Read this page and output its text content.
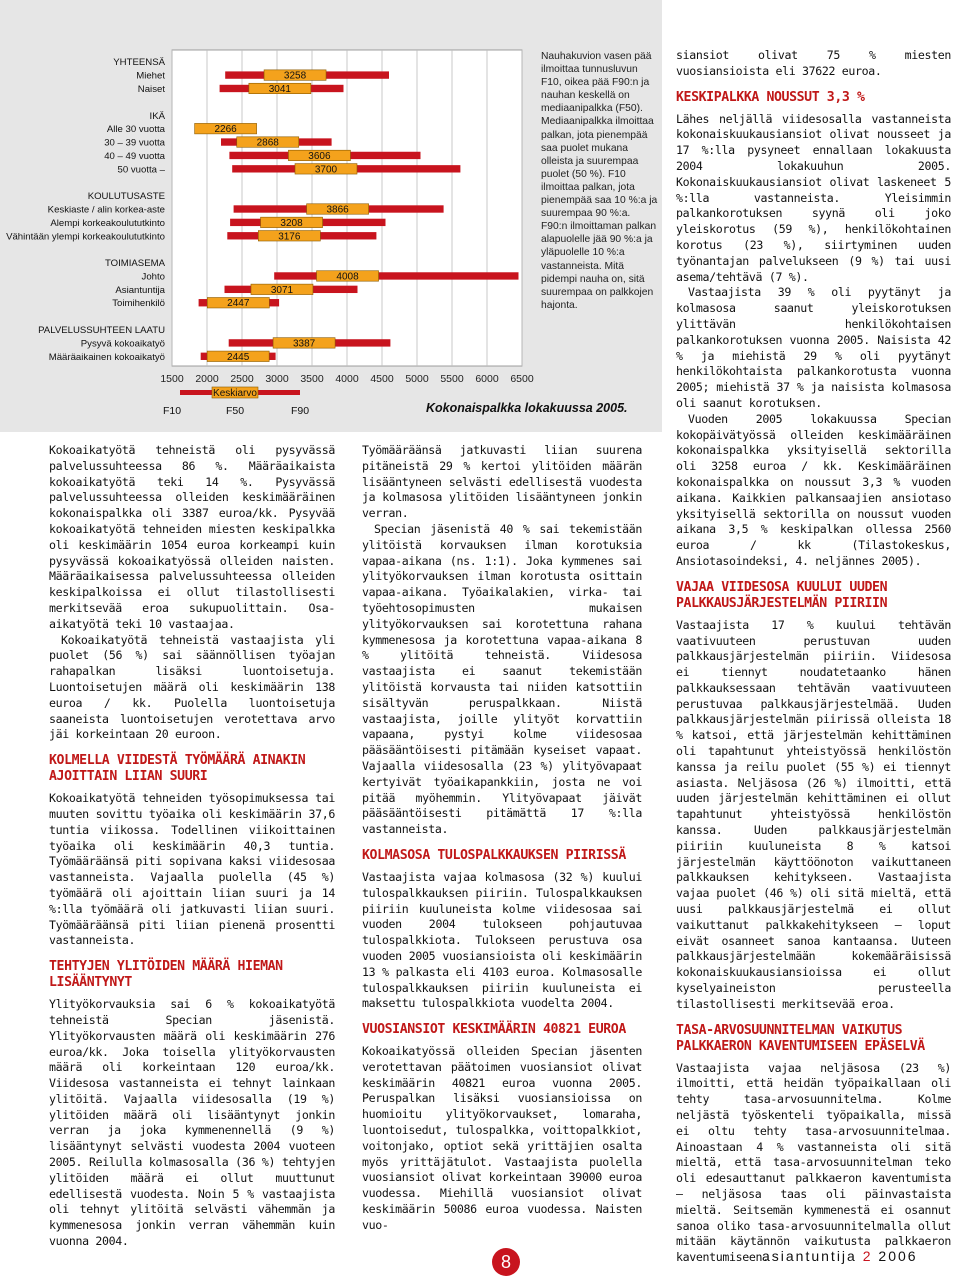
1500 2000 2500 3000 3500 4000 4500 5000 5500 6000 6500
YHTEENSÄ
Miehet	3258
Naiset	3041
IKÄ
Alle 30 vuotta	2266
30 – 39 vuotta	2868
40 – 49 vuotta	3606
50 vuotta –	3700
KOULUTUSASTE
Keskiaste / alin korkea-aste	3866
Alempi korkeakoulututkinto	3208
Vähintään ylempi korkeakoulututkinto	3176
TOIMIASEMA
Johto	4008
Asiantuntija	3071
Toimihenkilö	2447
PALVELUSSUHTEEN LAATU
Pysyvä kokoaikatyö	3387
Määräaikainen kokoaikatyö	2445
Keskiarvo
F10	F50	F90
Nauhakuvion vasen pää ilmoittaa tunnusluvun F10, oikea pää F90:n ja nauhan keskellä on mediaanipalkka (F50). Mediaanipalkka ilmoittaa palkan, jota pienempää saa puolet mukana olleista ja suurempaa puolet (50 %). F10 ilmoittaa palkan, jota pienempää saa 10 %:a ja suurempaa 90 %:a. F90:n ilmoittaman palkan alapuolelle jää 90 %:a ja yläpuolelle 10 %:a vastanneista. Mitä pidempi nauha on, sitä suurempaa on palkkojen hajonta.
Kokonaispalkka lokakuussa 2005.

Kokoaikatyötä tehneistä oli pysyvässä palvelussuhteessa 86 %. Määräaikaista kokoaikatyötä teki 14 %. Pysyvässä palvelussuhteessa olleiden keskimääräinen kokonaispalkka oli 3387 euroa/kk. Pysyvää kokoaikatyötä tehneiden miesten keskipalkka oli keskimäärin 1054 euroa korkeampi kuin pysyvässä kokoaikatyössä olleiden naisten. Määräaikaisessa palvelussuhteessa olleiden keskipalkoissa ei ollut tilastollisesti merkitsevää eroa sukupuolittain. Osa-aikatyötä teki 10 vastaajaa.

Kokoaikatyötä tehneistä vastaajista yli puolet (56 %) sai säännöllisen työajan rahapalkan lisäksi luontoisetuja. Luontoisetujen määrä oli keskimäärin 138 euroa / kk. Puolella luontoisetuja saaneista luontoisetujen verotettava arvo jäi korkeintaan 20 euroon.

KOLMELLA VIIDESTÄ TYÖMÄÄRÄ AINAKIN AJOITTAIN LIIAN SUURI

Kokoaikatyötä tehneiden työsopimuksessa tai muuten sovittu työaika oli keskimäärin 37,6 tuntia viikossa. Todellinen viikoittainen työaika oli keskimäärin 40,3 tuntia. Työmääräänsä piti sopivana kaksi viidesosaa vastanneista. Vajaalla puolella (45 %) työmäärä oli ajoittain liian suuri ja 14 %:lla työmäärä oli jatkuvasti liian suuri. Työmääräänsä piti liian pienenä prosentti vastanneista.

TEHTYJEN YLITÖIDEN MÄÄRÄ HIEMAN LISÄÄNTYNYT

Ylityökorvauksia sai 6 % kokoaikatyötä tehneistä Specian jäsenistä. Ylityökorvausten määrä oli keskimäärin 276 euroa/kk. Joka toisella ylityökorvausten määrä oli korkeintaan 120 euroa/kk. Viidesosa vastanneista ei tehnyt lainkaan ylitöitä. Vajaalla viidesosalla (19 %) ylitöiden määrä oli lisääntynyt jonkin verran ja joka kymmenennellä (9 %) lisääntynyt selvästi vuodesta 2004 vuoteen 2005. Reilulla kolmasosalla (36 %) tehtyjen ylitöiden määrä ei ollut muuttunut edellisestä vuodesta. Noin 5 % vastaajista oli tehnyt ylitöitä selvästi vähemmän ja kymmenesosa jonkin verran vähemmän kuin vuonna 2004.

Työmääräänsä jatkuvasti liian suurena pitäneistä 29 % kertoi ylitöiden määrän lisääntyneen selvästi edellisestä vuodesta ja kolmasosa ylitöiden lisääntyneen jonkin verran.

Specian jäsenistä 40 % sai tekemistään ylitöistä korvauksen ilman korotuksia vapaa-aikana (ns. 1:1). Joka kymmenes sai ylityökorvauksen ilman korotusta osittain vapaa-aikana. Työaikalakien, virka- tai työehtosopimusten mukaisen ylityökorvauksen sai korotettuna rahana kymmenesosa ja korotettuna vapaa-aikana 8 % ylitöitä tehneistä. Viidesosa vastaajista ei saanut tekemistään ylitöistä korvausta tai niiden katsottiin sisältyvän peruspalkkaan. Niistä vastaajista, joille ylityöt korvattiin vapaana, pystyi kolme viidesosaa pääsääntöisesti pitämään kyseiset vapaat. Vajaalla viidesosalla (23 %) ylityövapaat kertyivät työaikapankkiin, josta ne voi pitää myöhemmin. Ylityövapaat jäivät pääsääntöisesti pitämättä 17 %:lla vastanneista.

KOLMASOSA TULOSPALKKAUKSEN PIIRISSÄ

Vastaajista vajaa kolmasosa (32 %) kuului tulospalkkauksen piiriin. Tulospalkkauksen piiriin kuuluneista kolme viidesosaa sai vuoden 2004 tulokseen pohjautuvaa tulospalkkiota. Tulokseen perustuva osa vuoden 2005 vuosiansioista oli keskimäärin 13 % palkasta eli 4103 euroa. Kolmasosalle tulospalkkauksen piiriin kuuluneista ei maksettu tulospalkkiota vuodelta 2004.

VUOSIANSIOT KESKIMÄÄRIN 40821 EUROA

Kokoaikatyössä olleiden Specian jäsenten verotettavan päätoimen vuosiansiot olivat keskimäärin 40821 euroa vuonna 2005. Peruspalkan lisäksi vuosiansioissa on huomioitu ylityökorvaukset, lomaraha, luontoisedut, tulospalkka, voittopalkkiot, voitonjako, optiot sekä yrittäjien osalta myös yrittäjätulot. Vastaajista puolella vuosiansiot olivat korkeintaan 39000 euroa vuodessa. Miehillä vuosiansiot olivat keskimäärin 50086 euroa vuodessa. Naisten vuo-

siansiot olivat 75 % miesten vuosiansioista eli 37622 euroa.

KESKIPALKKA NOUSSUT 3,3 %

Lähes neljällä viidesosalla vastanneista kokonaiskuukausiansiot olivat nousseet ja 17 %:lla pysyneet ennallaan lokakuusta 2004 lokakuuhun 2005. Kokonaiskuukausiansiot olivat laskeneet 5 %:lla vastanneista. Yleisimmin palkankorotuksen syynä oli joko yleiskorotus (59 %), henkilökohtainen korotus (23 %), siirtyminen uuden työnantajan palvelukseen (9 %) tai uusi asema/tehtävä (7 %).

Vastaajista 39 % oli pyytänyt ja kolmasosa saanut yleiskorotuksen ylittävän henkilökohtaisen palkankorotuksen vuonna 2005. Naisista 42 % ja miehistä 29 % oli pyytänyt henkilökohtaista palkankorotusta vuonna 2005; miehistä 37 % ja naisista kolmasosa oli saanut korotuksen.

Vuoden 2005 lokakuussa Specian kokopäivätyössä olleiden keskimääräinen kokonaispalkka yksityisellä sektorilla oli 3258 euroa / kk. Keskimääräinen kokonaispalkka on noussut 3,3 % vuoden aikana. Kaikkien palkansaajien ansiotaso yksityisellä sektorilla on noussut vuoden aikana 3,5 % keskipalkan ollessa 2560 euroa / kk (Tilastokeskus, Ansiotasoindeksi, 4. neljännes 2005).

VAJAA VIIDESOSA KUULUI UUDEN PALKKAUSJÄRJESTELMÄN PIIRIIN

Vastaajista 17 % kuului tehtävän vaativuuteen perustuvan uuden palkkausjärjestelmän piiriin. Viidesosa ei tiennyt noudatetaanko hänen palkkauksessaan tehtävän vaativuuteen perustuvaa palkkausjärjestelmää. Uuden palkkausjärjestelmän piirissä olleista 18 % katsoi, että järjestelmän kehittäminen oli tapahtunut yhteistyössä henkilöstön kanssa ja reilu puolet (55 %) ei tiennyt asiasta. Neljäsosa (26 %) ilmoitti, että uuden järjestelmän kehittäminen ei ollut tapahtunut yhteistyössä henkilöstön kanssa. Uuden palkkausjärjestelmän piiriin kuuluneista 8 % katsoi järjestelmän käyttöönoton vaikuttaneen palkkauksen kehitykseen. Vastaajista vajaa puolet (46 %) oli sitä mieltä, että uusi palkkausjärjestelmä ei ollut vaikuttanut palkkakehitykseen – loput eivät osanneet sanoa kantaansa. Uuteen palkkausjärjestelmään kokemääräisissä kokonaiskuukausiansioissa ei ollut kyselyaineiston perusteella tilastollisesti merkitsevää eroa.

TASA-ARVOSUUNNITELMAN VAIKUTUS PALKKAERON KAVENTUMISEEN EPÄSELVÄ

Vastaajista vajaa neljäsosa (23 %) ilmoitti, että heidän työpaikallaan oli tehty tasa-arvosuunnitelma. Kolme neljästä työskenteli työpaikalla, missä ei oltu tehty tasa-arvosuunnitelmaa. Ainoastaan 4 % vastanneista oli sitä mieltä, että tasa-arvosuunnitelman teko oli edesauttanut palkkaeron kaventumista – neljäsosa taas oli päinvastaista mieltä. Seitsemän kymmenestä ei osannut sanoa oliko tasa-arvosuunnitelmalla ollut mitään käytännön vaikutusta palkkaeron kaventumiseen.

8	asiantuntija 2 2006
